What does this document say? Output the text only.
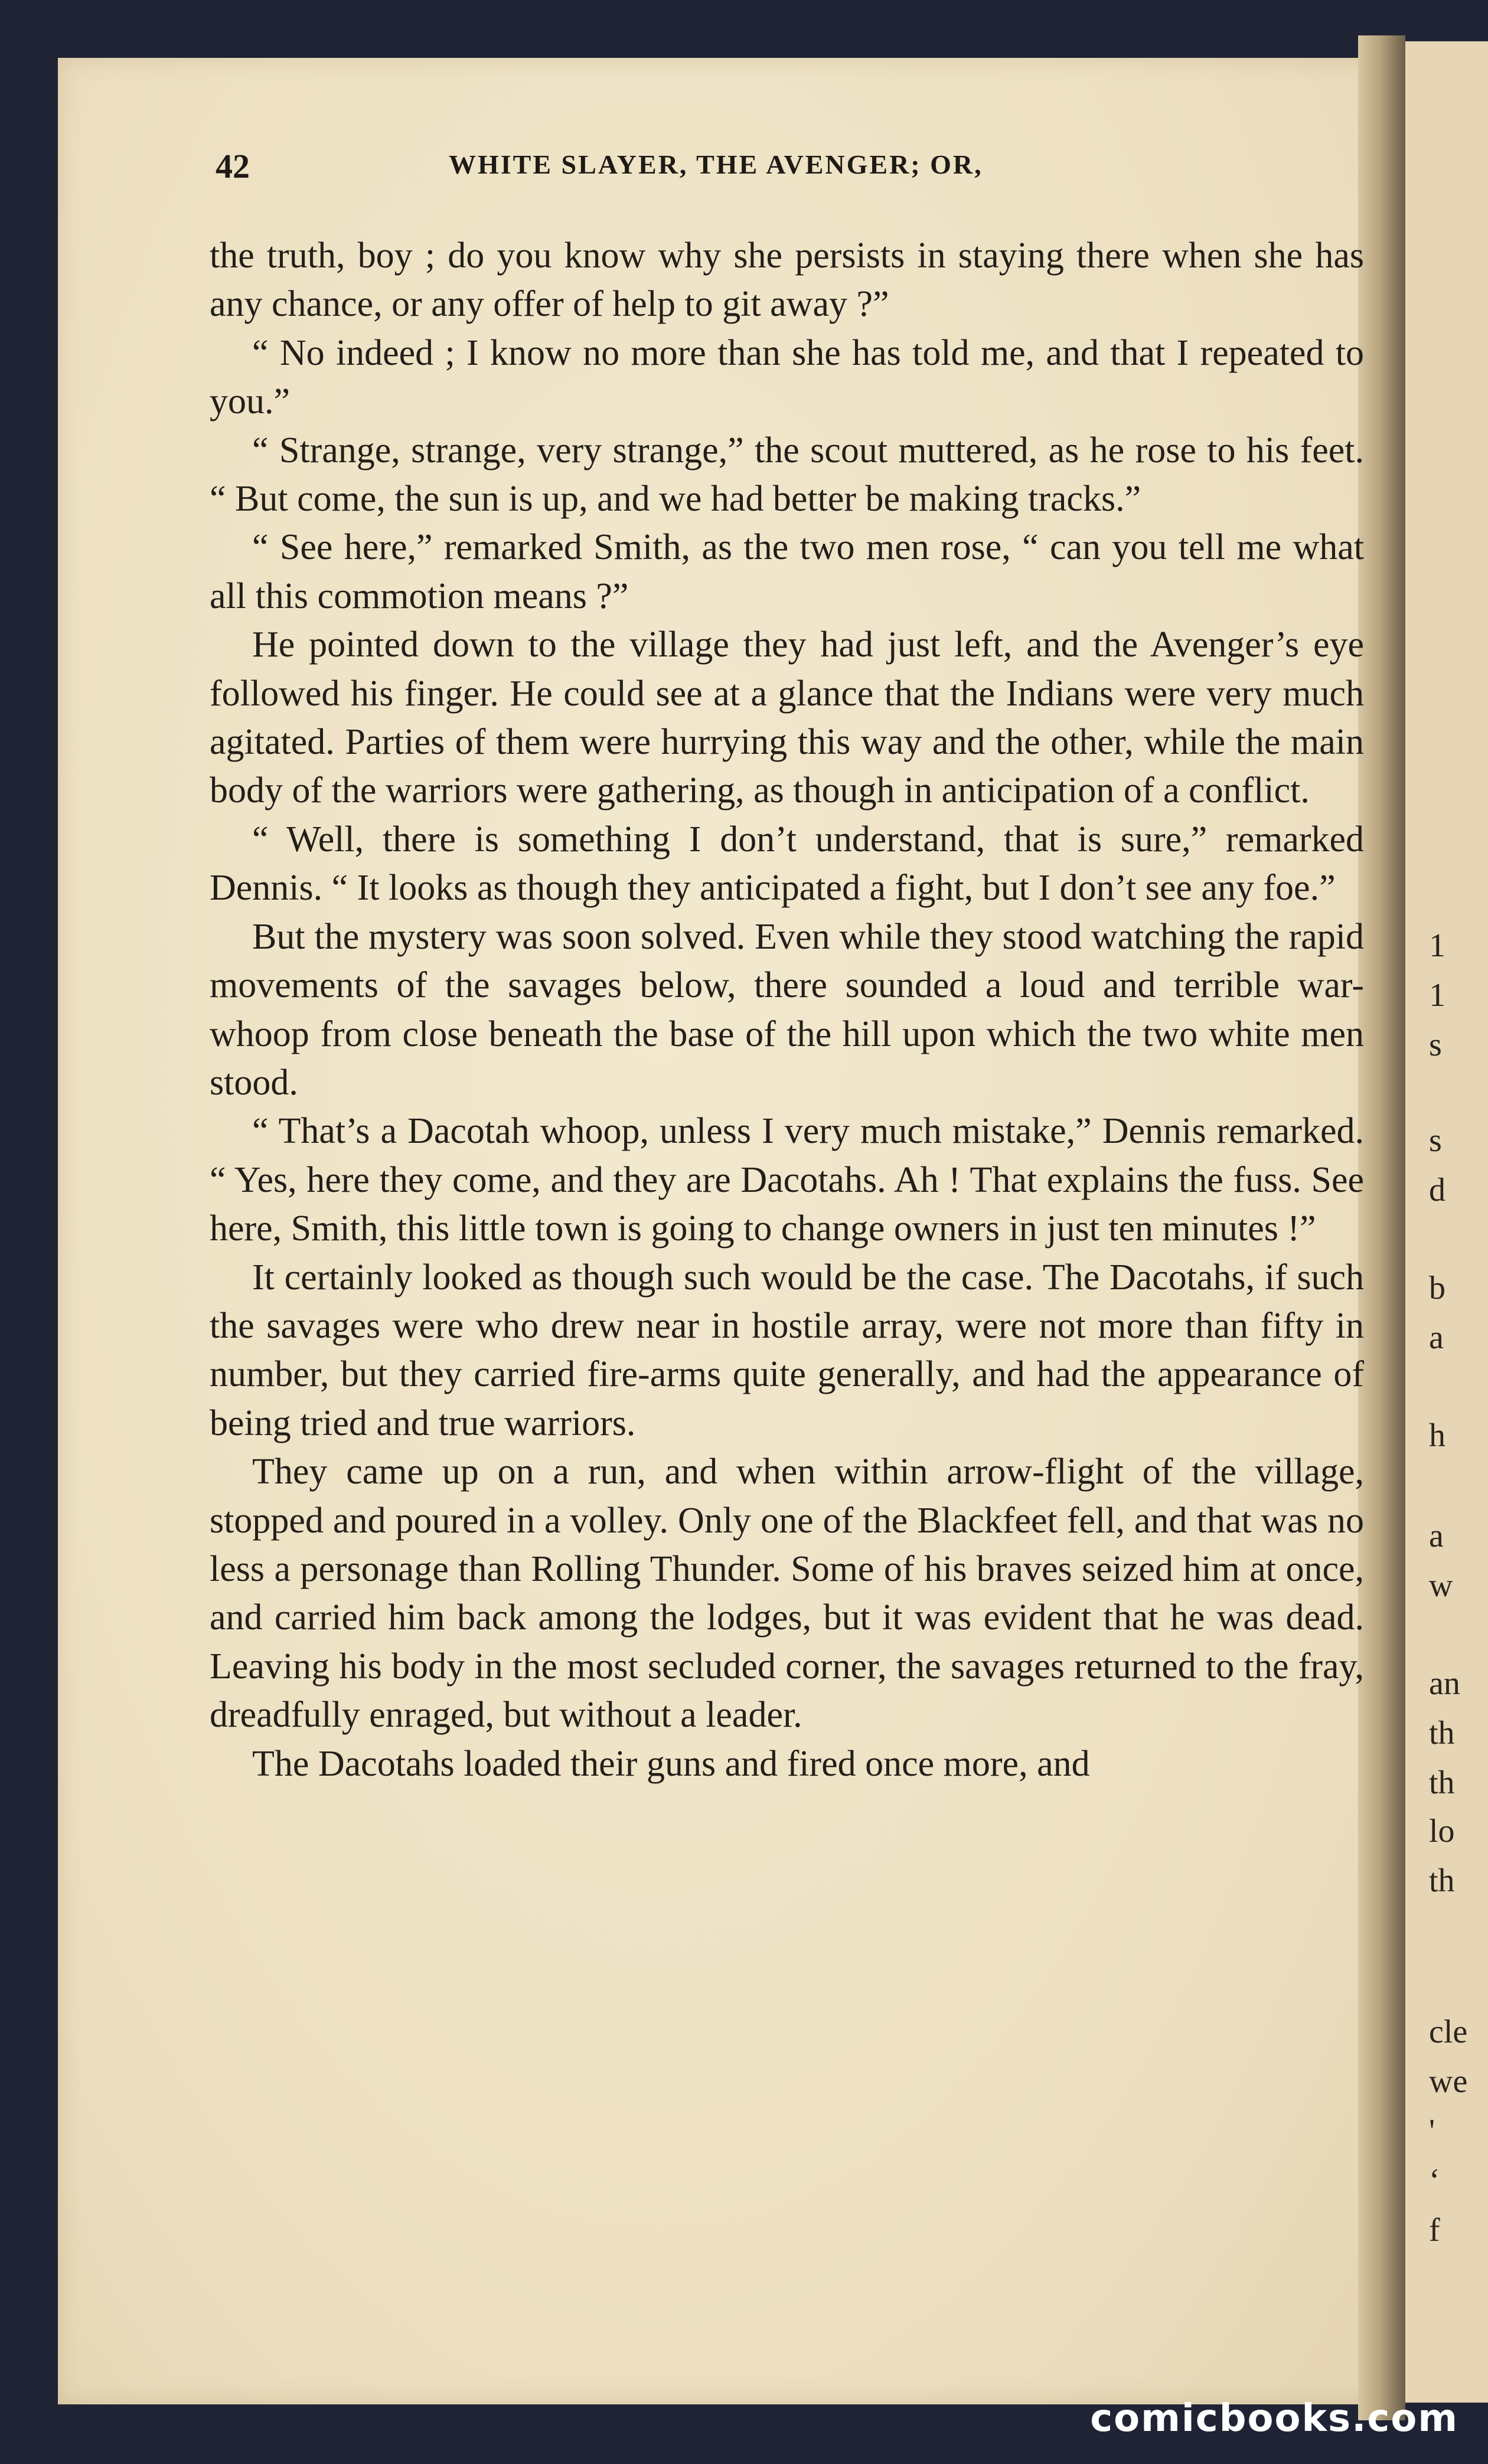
1
1
s
s
d
b
a
h
a
w
an
th
th
lo
th
cle
we
'
‘
f
42	WHITE SLAYER, THE AVENGER; OR,

the truth, boy ; do you know why she persists in staying there when she has any chance, or any offer of help to git away ?”

“ No indeed ; I know no more than she has told me, and that I repeated to you.”

“ Strange, strange, very strange,” the scout muttered, as he rose to his feet. “ But come, the sun is up, and we had better be making tracks.”

“ See here,” remarked Smith, as the two men rose, “ can you tell me what all this commotion means ?”

He pointed down to the village they had just left, and the Avenger’s eye followed his finger. He could see at a glance that the Indians were very much agitated. Parties of them were hurrying this way and the other, while the main body of the warriors were gathering, as though in anticipation of a conflict.

“ Well, there is something I don’t understand, that is sure,” remarked Dennis. “ It looks as though they anticipated a fight, but I don’t see any foe.”

But the mystery was soon solved. Even while they stood watching the rapid movements of the savages below, there sounded a loud and terrible war-whoop from close beneath the base of the hill upon which the two white men stood.

“ That’s a Dacotah whoop, unless I very much mistake,” Dennis remarked. “ Yes, here they come, and they are Dacotahs. Ah ! That explains the fuss. See here, Smith, this little town is going to change owners in just ten minutes !”

It certainly looked as though such would be the case. The Dacotahs, if such the savages were who drew near in hostile array, were not more than fifty in number, but they carried fire-arms quite generally, and had the appearance of being tried and true warriors.

They came up on a run, and when within arrow-flight of the village, stopped and poured in a volley. Only one of the Blackfeet fell, and that was no less a personage than Rolling Thunder. Some of his braves seized him at once, and carried him back among the lodges, but it was evident that he was dead. Leaving his body in the most secluded corner, the savages returned to the fray, dreadfully enraged, but without a leader.

The Dacotahs loaded their guns and fired once more, and

comicbooks.com
